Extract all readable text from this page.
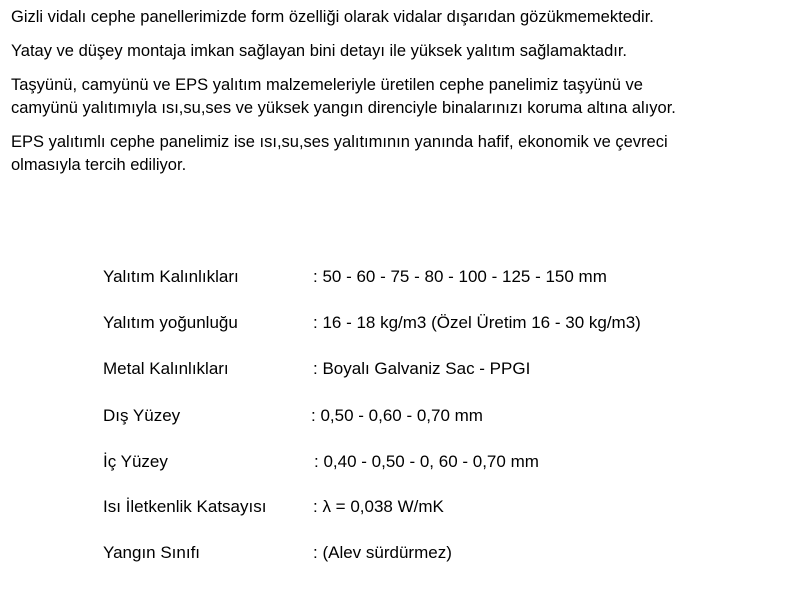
Gizli vidalı cephe panellerimizde form özelliği olarak vidalar dışarıdan gözükmemektedir.

Yatay ve düşey montaja imkan sağlayan bini detayı ile yüksek yalıtım sağlamaktadır.

Taşyünü, camyünü ve EPS yalıtım malzemeleriyle üretilen cephe panelimiz taşyünü ve
camyünü yalıtımıyla ısı,su,ses ve yüksek yangın direnciyle binalarınızı koruma altına alıyor.

EPS yalıtımlı cephe panelimiz ise ısı,su,ses yalıtımının yanında hafif, ekonomik ve çevreci
olmasıyla tercih ediliyor.

Yalıtım Kalınlıkları	: 50 - 60 - 75 - 80 - 100 - 125 - 150 mm
Yalıtım yoğunluğu	: 16 - 18 kg/m3 (Özel Üretim 16 - 30 kg/m3)
Metal Kalınlıkları	: Boyalı Galvaniz Sac - PPGI
Dış Yüzey	: 0,50 - 0,60 - 0,70 mm
İç Yüzey	: 0,40 - 0,50 - 0, 60 - 0,70 mm
Isı İletkenlik Katsayısı	: λ = 0,038 W/mK
Yangın Sınıfı	: (Alev sürdürmez)
